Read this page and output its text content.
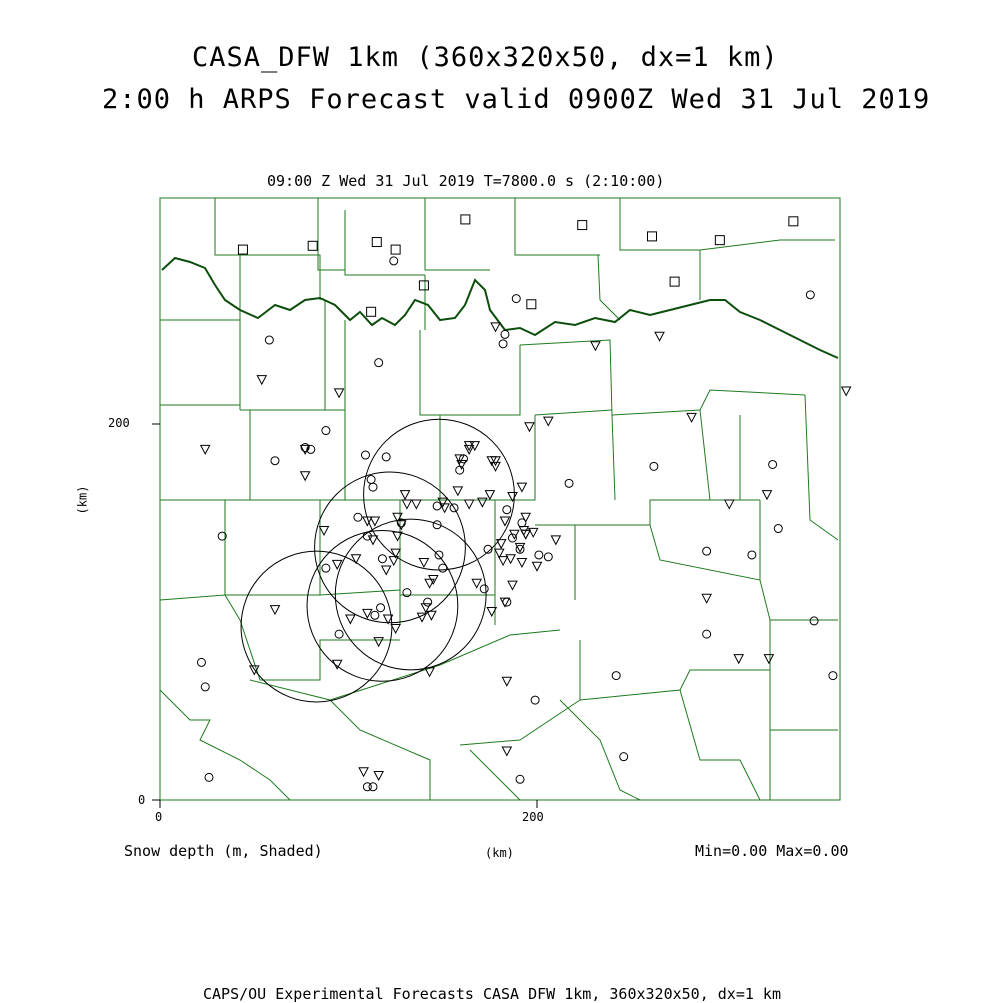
CASA_DFW 1km (360x320x50, dx=1 km)
2:00 h ARPS Forecast valid 0900Z Wed 31 Jul 2019
09:00 Z Wed 31 Jul 2019 T=7800.0 s (2:10:00)
200
0
0	200
(km)
(km)
Snow depth (m, Shaded)	Min=0.00 Max=0.00
CAPS/OU Experimental Forecasts CASA DFW 1km, 360x320x50, dx=1 km
